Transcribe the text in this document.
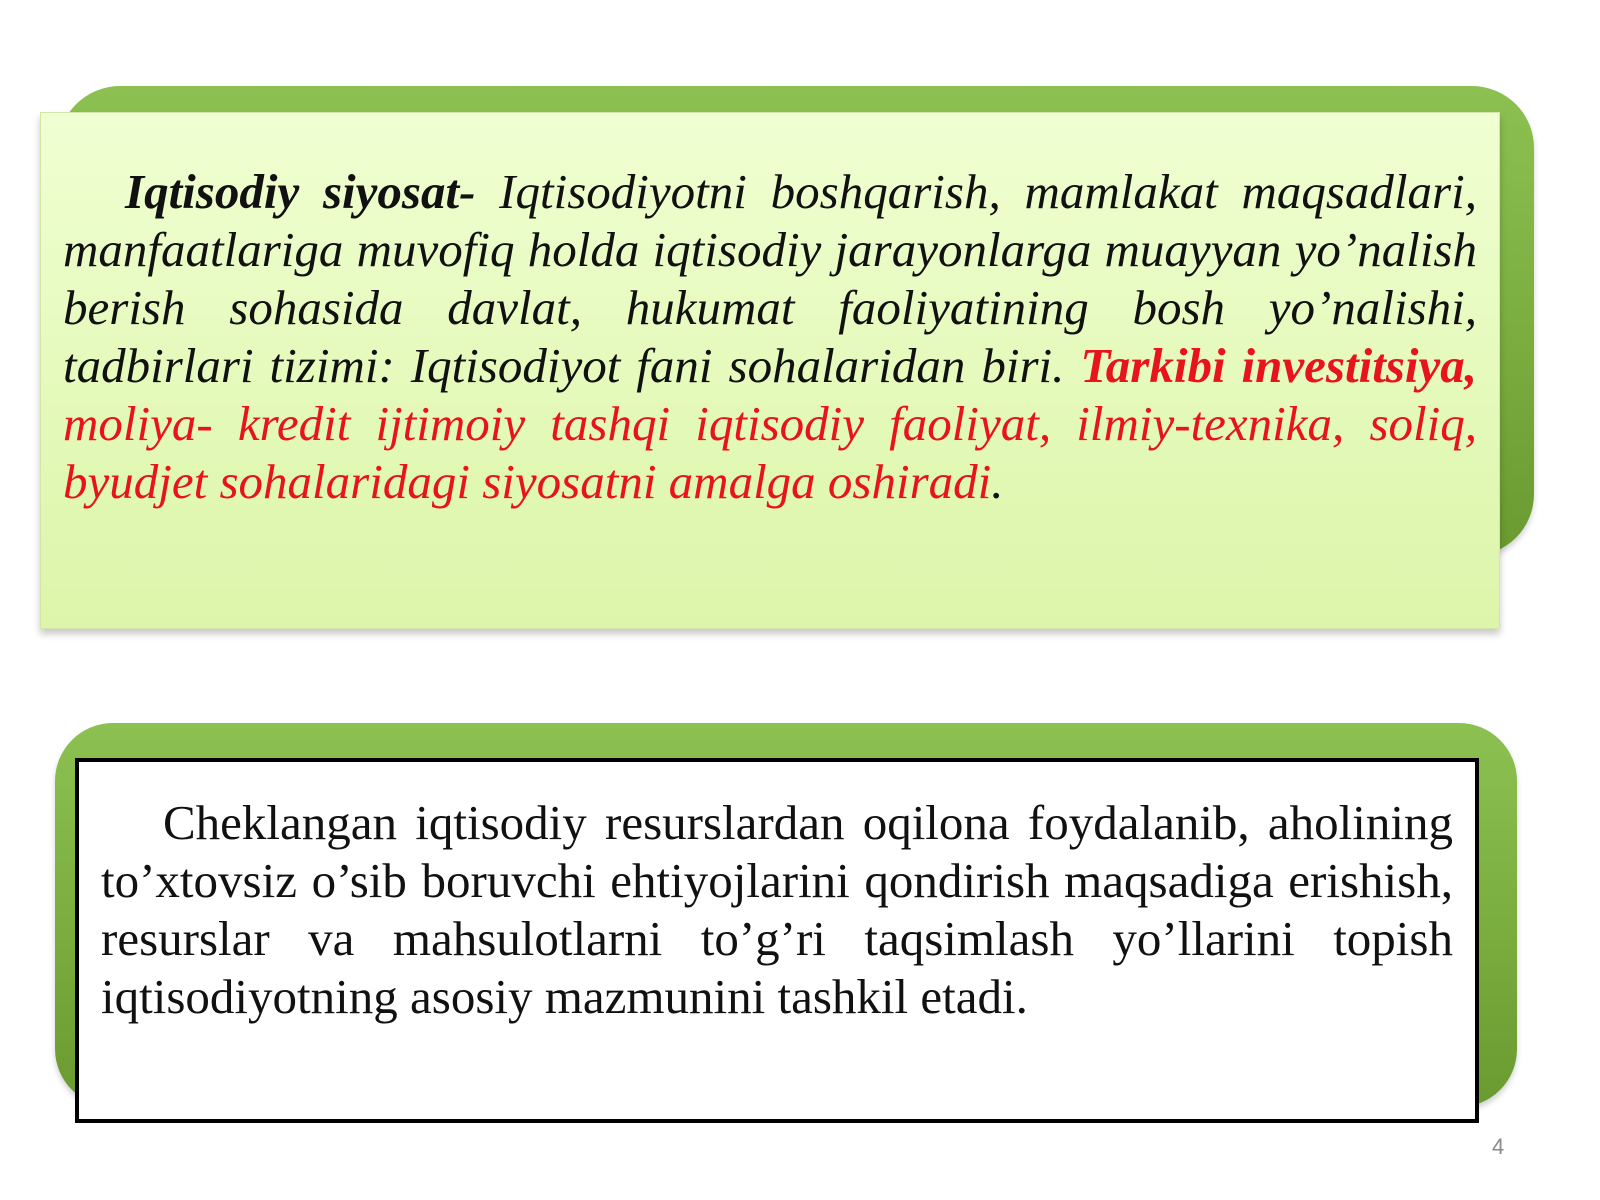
Iqtisodiy siyosat- Iqtisodiyotni boshqarish, mamlakat maqsadlari, manfaatlariga muvofiq holda iqtisodiy jarayonlarga muayyan yo’nalish berish sohasida davlat, hukumat faoliyatining bosh yo’nalishi, tadbirlari tizimi: Iqtisodiyot fani sohalaridan biri. Tarkibi investitsiya, moliya- kredit ijtimoiy tashqi iqtisodiy faoliyat, ilmiy-texnika, soliq, byudjet sohalaridagi siyosatni amalga oshiradi.

Cheklangan iqtisodiy resurslardan oqilona foydalanib, aholining to’xtovsiz o’sib boruvchi ehtiyojlarini qondirish maqsadiga erishish, resurslar va mahsulotlarni to’g’ri taqsimlash yo’llarini topish iqtisodiyotning asosiy mazmunini tashkil etadi.

4
